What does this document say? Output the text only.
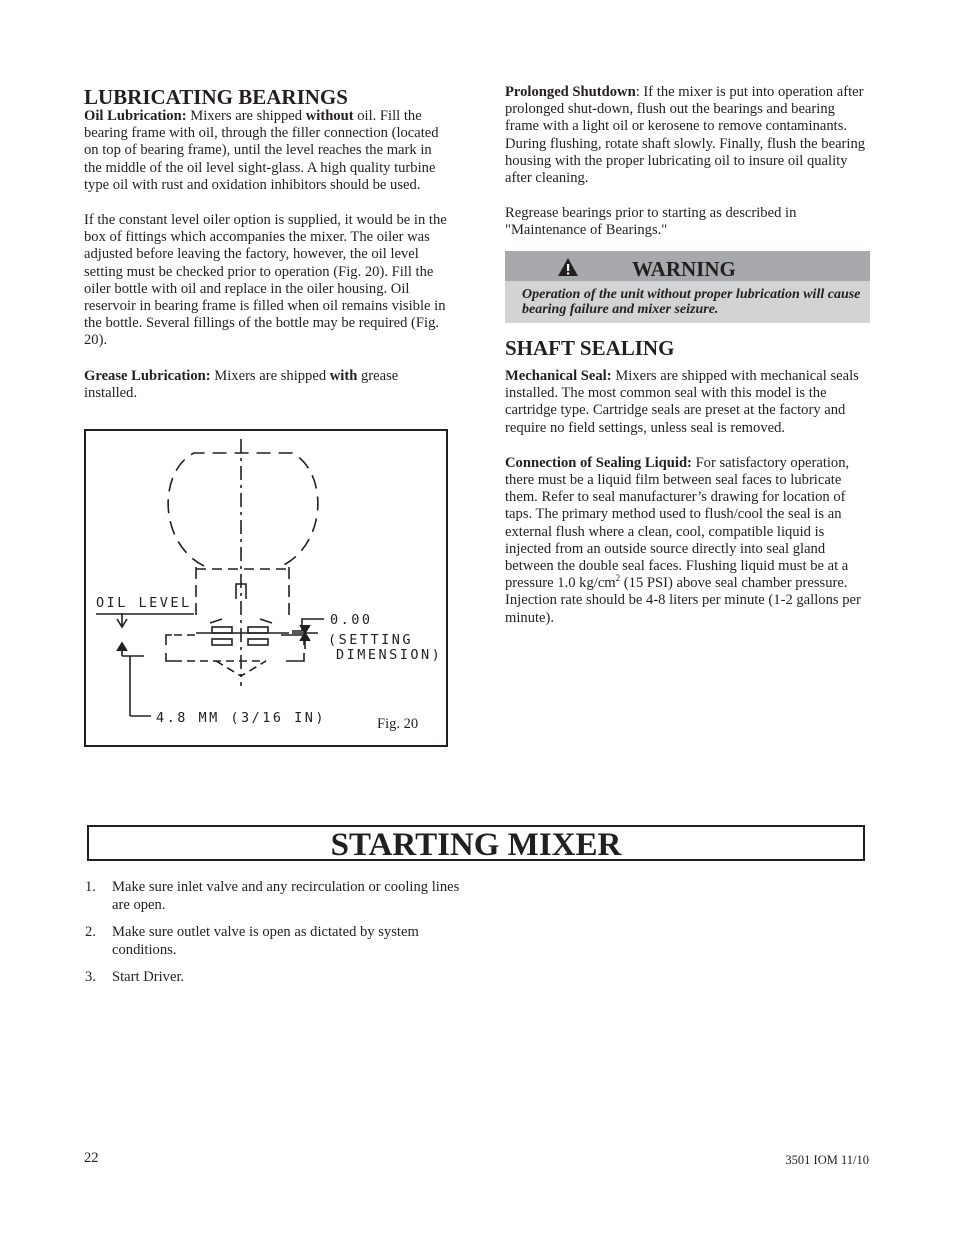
LUBRICATING BEARINGS

Oil Lubrication: Mixers are shipped without oil. Fill the bearing frame with oil, through the filler connection (located on top of bearing frame), until the level reaches the mark in the middle of the oil level sight-glass. A high quality turbine type oil with rust and oxidation inhibitors should be used.

If the constant level oiler option is supplied, it would be in the box of fittings which accompanies the mixer. The oiler was adjusted before leaving the factory, however, the oil level setting must be checked prior to operation (Fig. 20). Fill the oiler bottle with oil and replace in the oiler housing. Oil reservoir in bearing frame is filled when oil remains visible in the bottle. Several fillings of the bottle may be required (Fig. 20).

Grease Lubrication: Mixers are shipped with grease installed.

OIL LEVEL
0.00
(SETTING
DIMENSION)
4.8 MM (3/16 IN)	Fig. 20

Prolonged Shutdown: If the mixer is put into operation after prolonged shut-down, flush out the bearings and bearing frame with a light oil or kerosene to remove contaminants. During flushing, rotate shaft slowly. Finally, flush the bearing housing with the proper lubricating oil to insure oil quality after cleaning.

Regrease bearings prior to starting as described in "Maintenance of Bearings."

WARNING
Operation of the unit without proper lubrication will cause bearing failure and mixer seizure.
SHAFT SEALING

Mechanical Seal: Mixers are shipped with mechanical seals installed. The most common seal with this model is the cartridge type. Cartridge seals are preset at the factory and require no field settings, unless seal is removed.

Connection of Sealing Liquid: For satisfactory operation, there must be a liquid film between seal faces to lubricate them. Refer to seal manufacturer’s drawing for location of taps. The primary method used to flush/cool the seal is an external flush where a clean, cool, compatible liquid is injected from an outside source directly into seal gland between the double seal faces. Flushing liquid must be at a pressure 1.0 $kg/cm^2$ (15 PSI) above seal chamber pressure. Injection rate should be 4-8 liters per minute (1-2 gallons per minute).

STARTING MIXER
1. Make sure inlet valve and any recirculation or cooling lines are open.
2. Make sure outlet valve is open as dictated by system conditions.
3. Start Driver.
22	3501 IOM 11/10
